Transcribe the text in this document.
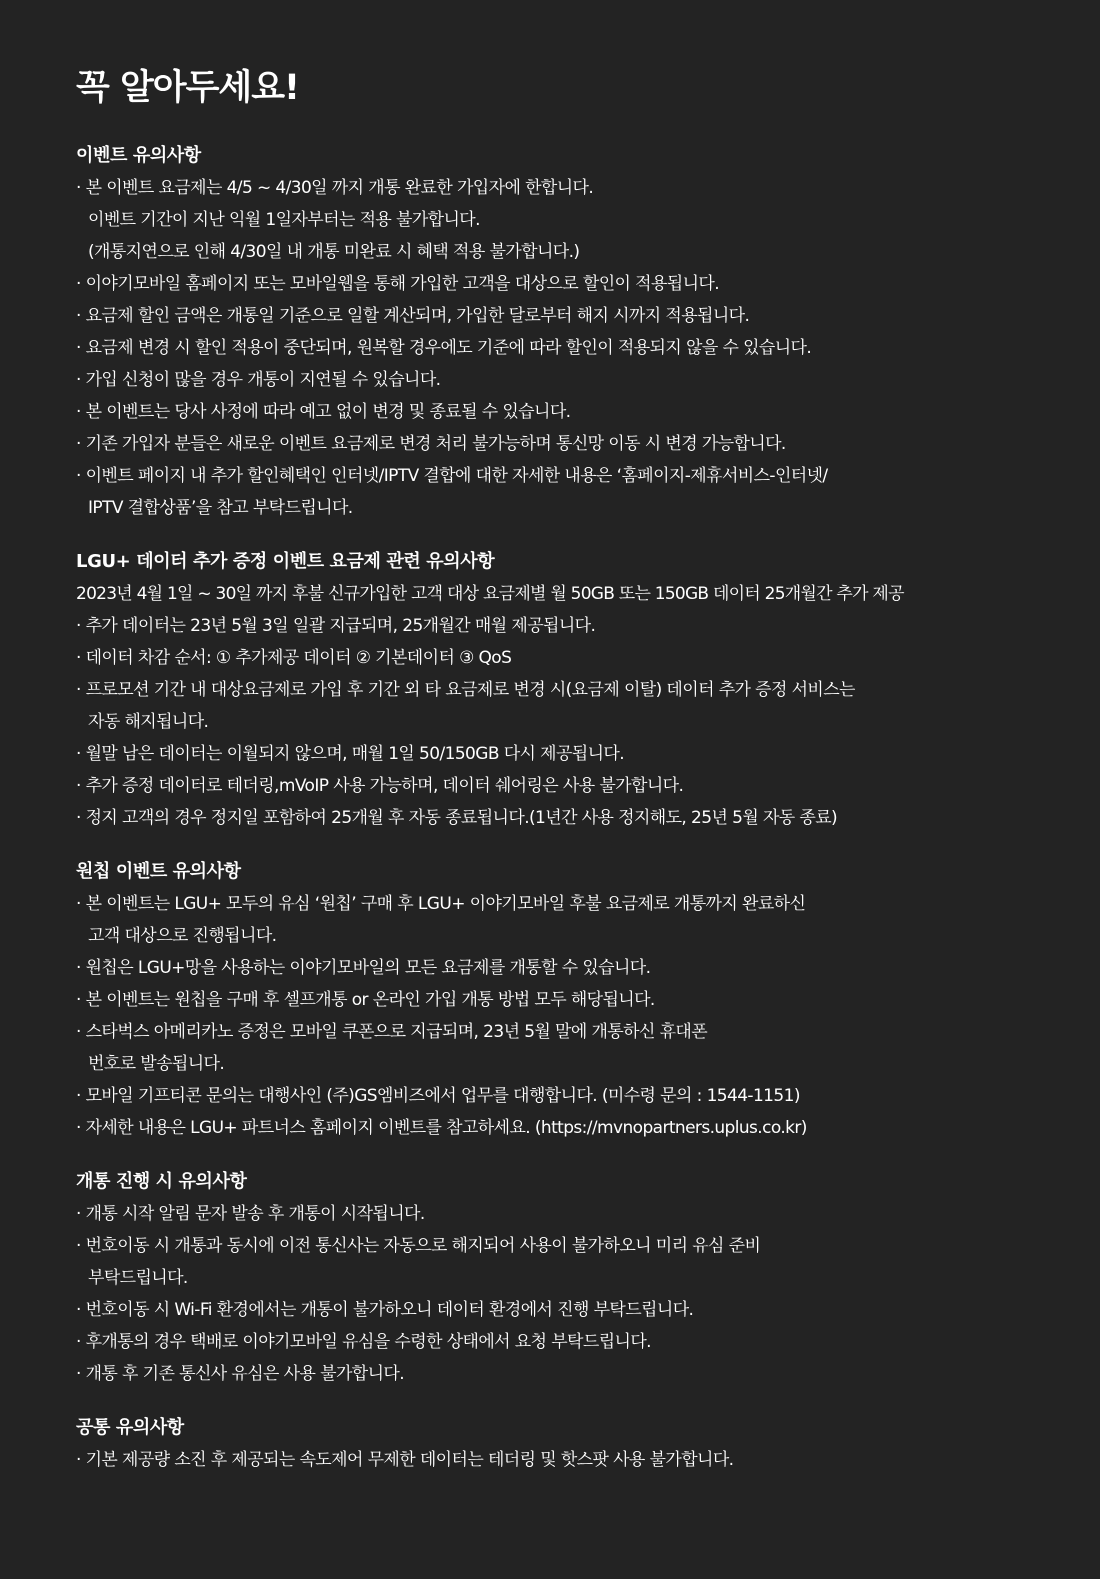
꼭 알아두세요!
이벤트 유의사항
· 본 이벤트 요금제는 4/5 ~ 4/30일 까지 개통 완료한 가입자에 한합니다.
이벤트 기간이 지난 익월 1일자부터는 적용 불가합니다.
(개통지연으로 인해 4/30일 내 개통 미완료 시 혜택 적용 불가합니다.)
· 이야기모바일 홈페이지 또는 모바일웹을 통해 가입한 고객을 대상으로 할인이 적용됩니다.
· 요금제 할인 금액은 개통일 기준으로 일할 계산되며, 가입한 달로부터 해지 시까지 적용됩니다.
· 요금제 변경 시 할인 적용이 중단되며, 원복할 경우에도 기준에 따라 할인이 적용되지 않을 수 있습니다.
· 가입 신청이 많을 경우 개통이 지연될 수 있습니다.
· 본 이벤트는 당사 사정에 따라 예고 없이 변경 및 종료될 수 있습니다.
· 기존 가입자 분들은 새로운 이벤트 요금제로 변경 처리 불가능하며 통신망 이동 시 변경 가능합니다.
· 이벤트 페이지 내 추가 할인혜택인 인터넷/IPTV 결합에 대한 자세한 내용은 ‘홈페이지-제휴서비스-인터넷/
IPTV 결합상품’을 참고 부탁드립니다.
LGU+ 데이터 추가 증정 이벤트 요금제 관련 유의사항
2023년 4월 1일 ~ 30일 까지 후불 신규가입한 고객 대상 요금제별 월 50GB 또는 150GB 데이터 25개월간 추가 제공
· 추가 데이터는 23년 5월 3일 일괄 지급되며, 25개월간 매월 제공됩니다.
· 데이터 차감 순서: ① 추가제공 데이터 ② 기본데이터 ③ QoS
· 프로모션 기간 내 대상요금제로 가입 후 기간 외 타 요금제로 변경 시(요금제 이탈) 데이터 추가 증정 서비스는
자동 해지됩니다.
· 월말 남은 데이터는 이월되지 않으며, 매월 1일 50/150GB 다시 제공됩니다.
· 추가 증정 데이터로 테더링,mVoIP 사용 가능하며, 데이터 쉐어링은 사용 불가합니다.
· 정지 고객의 경우 정지일 포함하여 25개월 후 자동 종료됩니다.(1년간 사용 정지해도, 25년 5월 자동 종료)
원칩 이벤트 유의사항
· 본 이벤트는 LGU+ 모두의 유심 ‘원칩’ 구매 후 LGU+ 이야기모바일 후불 요금제로 개통까지 완료하신
고객 대상으로 진행됩니다.
· 원칩은 LGU+망을 사용하는 이야기모바일의 모든 요금제를 개통할 수 있습니다.
· 본 이벤트는 원칩을 구매 후 셀프개통 or 온라인 가입 개통 방법 모두 해당됩니다.
· 스타벅스 아메리카노 증정은 모바일 쿠폰으로 지급되며, 23년 5월 말에 개통하신 휴대폰
번호로 발송됩니다.
· 모바일 기프티콘 문의는 대행사인 (주)GS엠비즈에서 업무를 대행합니다. (미수령 문의 : 1544-1151)
· 자세한 내용은 LGU+ 파트너스 홈페이지 이벤트를 참고하세요. (https://mvnopartners.uplus.co.kr)
개통 진행 시 유의사항
· 개통 시작 알림 문자 발송 후 개통이 시작됩니다.
· 번호이동 시 개통과 동시에 이전 통신사는 자동으로 해지되어 사용이 불가하오니 미리 유심 준비
부탁드립니다.
· 번호이동 시 Wi-Fi 환경에서는 개통이 불가하오니 데이터 환경에서 진행 부탁드립니다.
· 후개통의 경우 택배로 이야기모바일 유심을 수령한 상태에서 요청 부탁드립니다.
· 개통 후 기존 통신사 유심은 사용 불가합니다.
공통 유의사항
· 기본 제공량 소진 후 제공되는 속도제어 무제한 데이터는 테더링 및 핫스팟 사용 불가합니다.
